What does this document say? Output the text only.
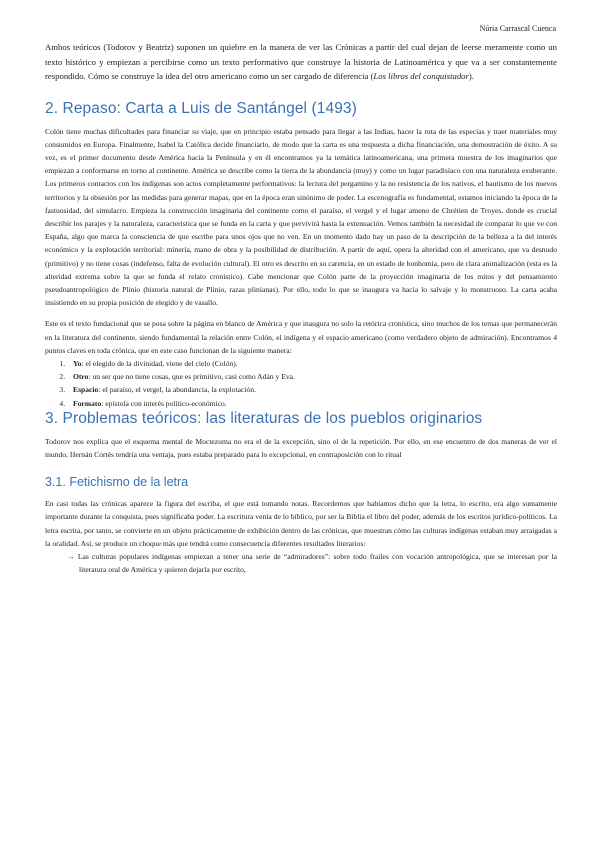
Núria Carrascal Cuenca

Ambos teóricos (Todorov y Beatriz) suponen un quiebre en la manera de ver las Crónicas a partir del cual dejan de leerse meramente como un texto histórico y empiezan a percibirse como un texto performativo que construye la historia de Latinoamérica y que va a ser constantemente respondido. Cómo se construye la idea del otro americano como un ser cargado de diferencia (Los libros del conquistador).

2. Repaso: Carta a Luis de Santángel (1493)

Colón tiene muchas dificultades para financiar su viaje, que en principio estaba pensado para llegar a las Indias, hacer la ruta de las especias y traer materiales muy consumidos en Europa. Finalmente, Isabel la Católica decide financiarlo, de modo que la carta es una respuesta a dicha financiación, una demostración de éxito. A su vez, es el primer documento desde América hacia la Península y en él encontramos ya la temática latinoamericana, una primera muestra de los imaginarios que empiezan a conformarse en torno al continente. América se describe como la tierra de la abundancia (muy) y como un lugar paradisíaco con una naturaleza exuberante. Los primeros contactos con los indígenas son actos completamente performativos: la lectura del pergamino y la no resistencia de los nativos, el bautismo de los nuevos territorios y la obsesión por las medidas para generar mapas, que en la época eran sinónimo de poder. La escenografía es fundamental, estamos iniciando la época de la fastuosidad, del simulacro. Empieza la construcción imaginaria del continente como el paraíso, el vergel y el lugar ameno de Chrétien de Troyes, donde es crucial describir los parajes y la naturaleza, característica que se funda en la carta y que pervivirá hasta la extenuación. Vemos también la necesidad de comparar lo que ve con España, algo que marca la consciencia de que escribe para unos ojos que no ven. En un momento dado hay un paso de la descripción de la belleza a la del interés económico y la explotación territorial: minería, mano de obra y la posibilidad de distribución. A partir de aquí, opera la alteridad con el americano, que va desnudo (primitivo) y no tiene cosas (indefenso, falta de evolución cultural). El otro es descrito en su carencia, en un estado de bonhomía, pero de clara animalización (esta es la alteridad extrema sobre la que se funda el relato cronístico). Cabe mencionar que Colón parte de la proyección imaginaria de los mitos y del pensamiento pseudoantropológico de Plinio (historia natural de Plinio, razas plinianas). Por ello, todo lo que se inaugura va hacia lo salvaje y lo monstruoso. La carta acaba insistiendo en su propia posición de elegido y de vasallo.

Este es el texto fundacional que se posa sobre la página en blanco de América y que inaugura no solo la retórica cronística, sino muchos de los temas que permanecerán en la literatura del continente, siendo fundamental la relación entre Colón, el indígena y el espacio americano (como verdadero objeto de admiración). Encontramos 4 puntos claves en toda crónica, que en este caso funcionan de la siguiente manera:

1. Yo: el elegido de la divinidad, viene del cielo (Colón).
2. Otro: un ser que no tiene cosas, que es primitivo, casi como Adán y Eva.
3. Espacio: el paraíso, el vergel, la abundancia, la explotación.
4. Formato: epístola con interés político-económico.
3. Problemas teóricos: las literaturas de los pueblos originarios

Todorov nos explica que el esquema mental de Moctezuma no era el de la excepción, sino el de la repetición. Por ello, en ese encuentro de dos maneras de ver el mundo, Hernán Cortés tendría una ventaja, pues estaba preparado para lo excepcional, en contraposición con lo ritual

3.1. Fetichismo de la letra

En casi todas las crónicas aparece la figura del escriba, el que está tomando notas. Recordemos que habíamos dicho que la letra, lo escrito, era algo sumamente importante durante la conquista, pues significaba poder. La escritura venía de lo bíblico, por ser la Biblia el libro del poder, además de los escritos jurídico-políticos. La letra escrita, por tanto, se convierte en un objeto prácticamente de exhibición dentro de las crónicas, que muestran cómo las culturas indígenas estaban muy arraigadas a la oralidad. Así, se produce un choque más que tendrá como consecuencia diferentes resultados literarios:

→ Las culturas populares indígenas empiezan a tener una serie de “admiradores”: sobre todo frailes con vocación antropológica, que se interesan por la literatura oral de América y quieren dejarla por escrito,
